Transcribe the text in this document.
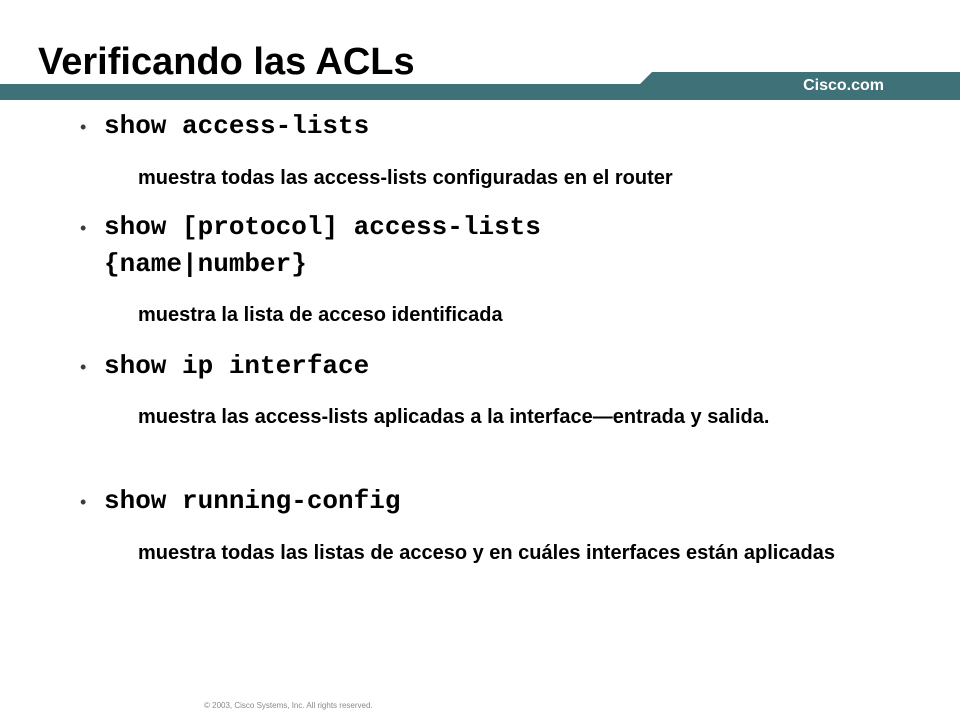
Verificando las ACLs
Cisco.com
• show access-lists
muestra todas las access-lists configuradas en el router
• show [protocol] access-lists
{name|number}
muestra la lista de acceso identificada
• show ip interface
muestra las access-lists aplicadas a la interface—entrada y salida.
• show running-config
muestra todas las listas de acceso y en cuáles interfaces están aplicadas
© 2003, Cisco Systems, Inc. All rights reserved.
